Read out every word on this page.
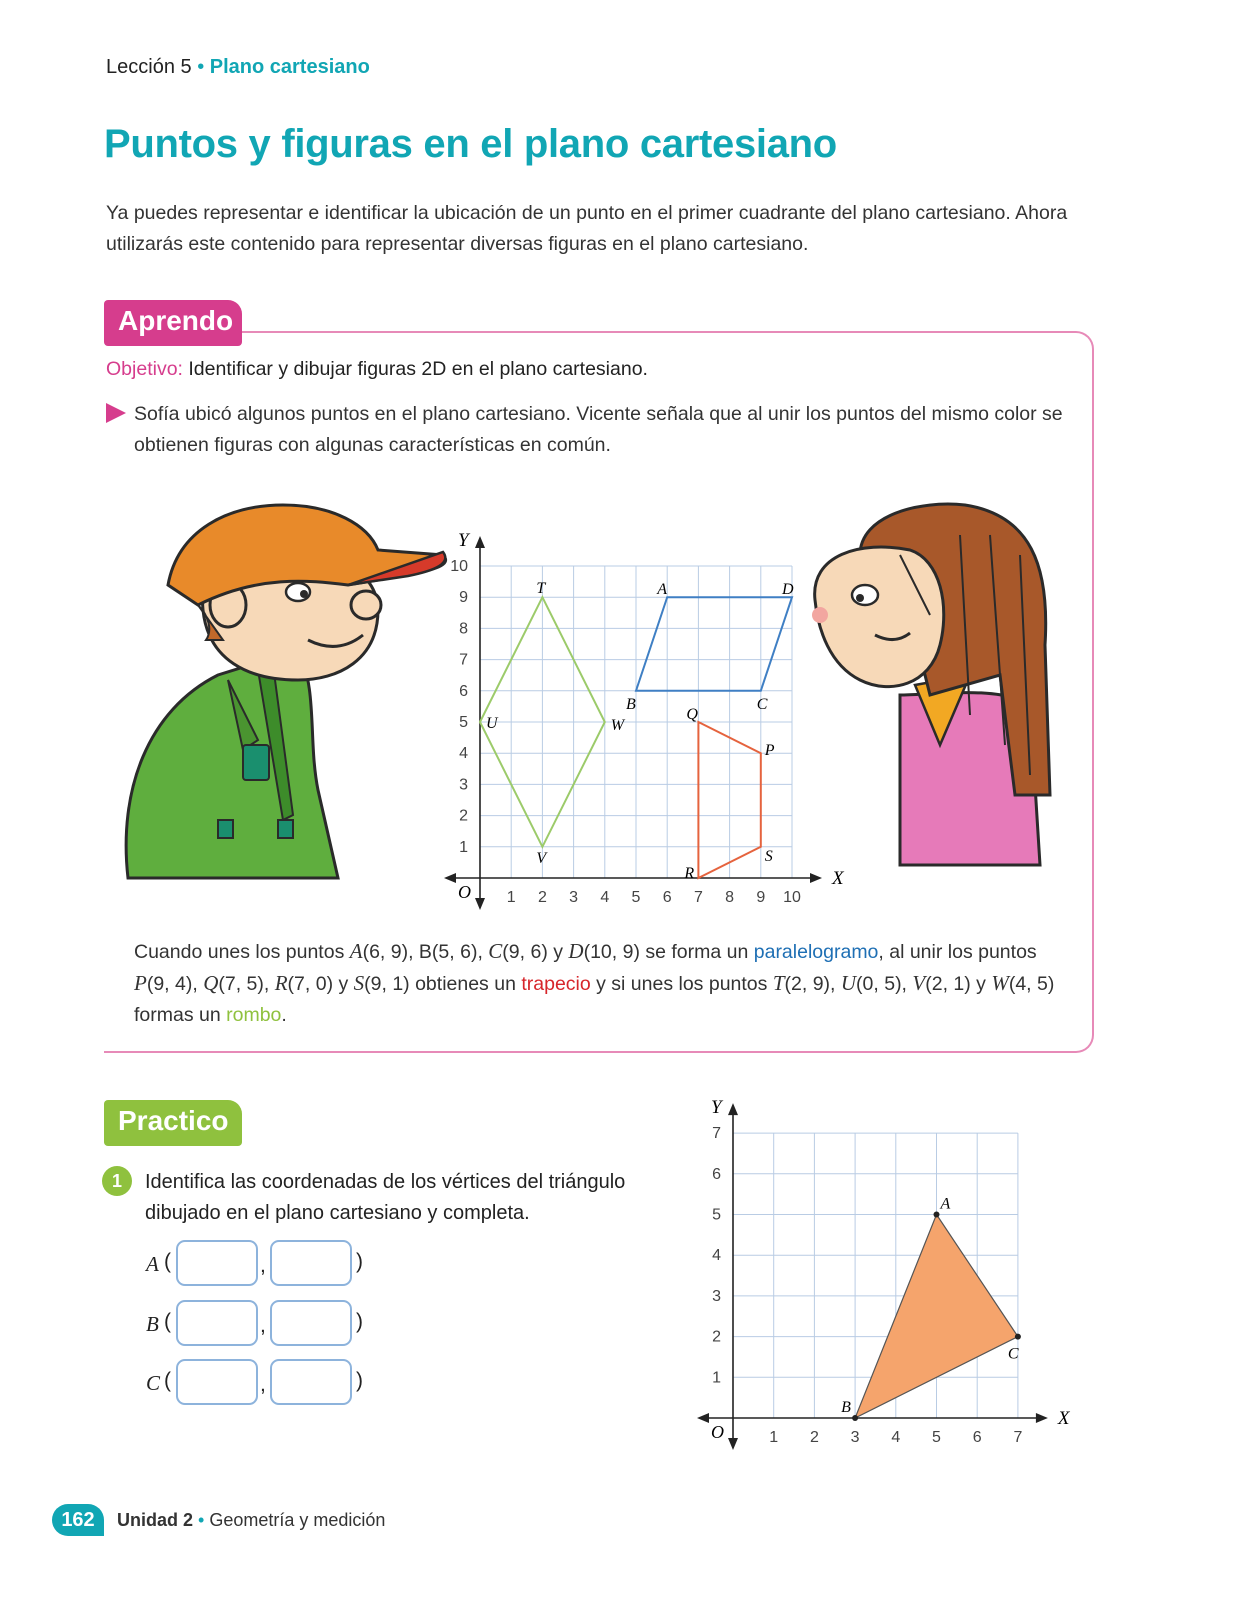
Lección 5 • Plano cartesiano
Puntos y figuras en el plano cartesiano

Ya puedes representar e identificar la ubicación de un punto en el primer cuadrante del plano cartesiano. Ahora utilizarás este contenido para representar diversas figuras en el plano cartesiano.

Aprendo
Objetivo: Identificar y dibujar figuras 2D en el plano cartesiano.

Sofía ubicó algunos puntos en el plano cartesiano. Vicente señala que al unir los puntos del mismo color se obtienen figuras con algunas características en común.

1 2 3 4 5 6 7 8 9 10
1
2
3
4
5
6
7
8
9
10
X
Y
O
A	D
C
B
Q
P
S
R
T
W
V
U

Cuando unes los puntos A(6, 9), B(5, 6), C(9, 6) y D(10, 9) se forma un paralelogramo, al unir los puntos
P(9, 4), Q(7, 5), R(7, 0) y S(9, 1) obtienes un trapecio y si unes los puntos T(2, 9), U(0, 5), V(2, 1) y W(4, 5)
formas un rombo.

Practico
1	Identifica las coordenadas de los vértices del triángulo dibujado en el plano cartesiano y completa.

A (	,	)
B (	,	)
C (	,	)
1 2 3 4 5 6 7
1
2
3
4
5
6
7
X
Y
O
A
C
B
162	Unidad 2 • Geometría y medición
